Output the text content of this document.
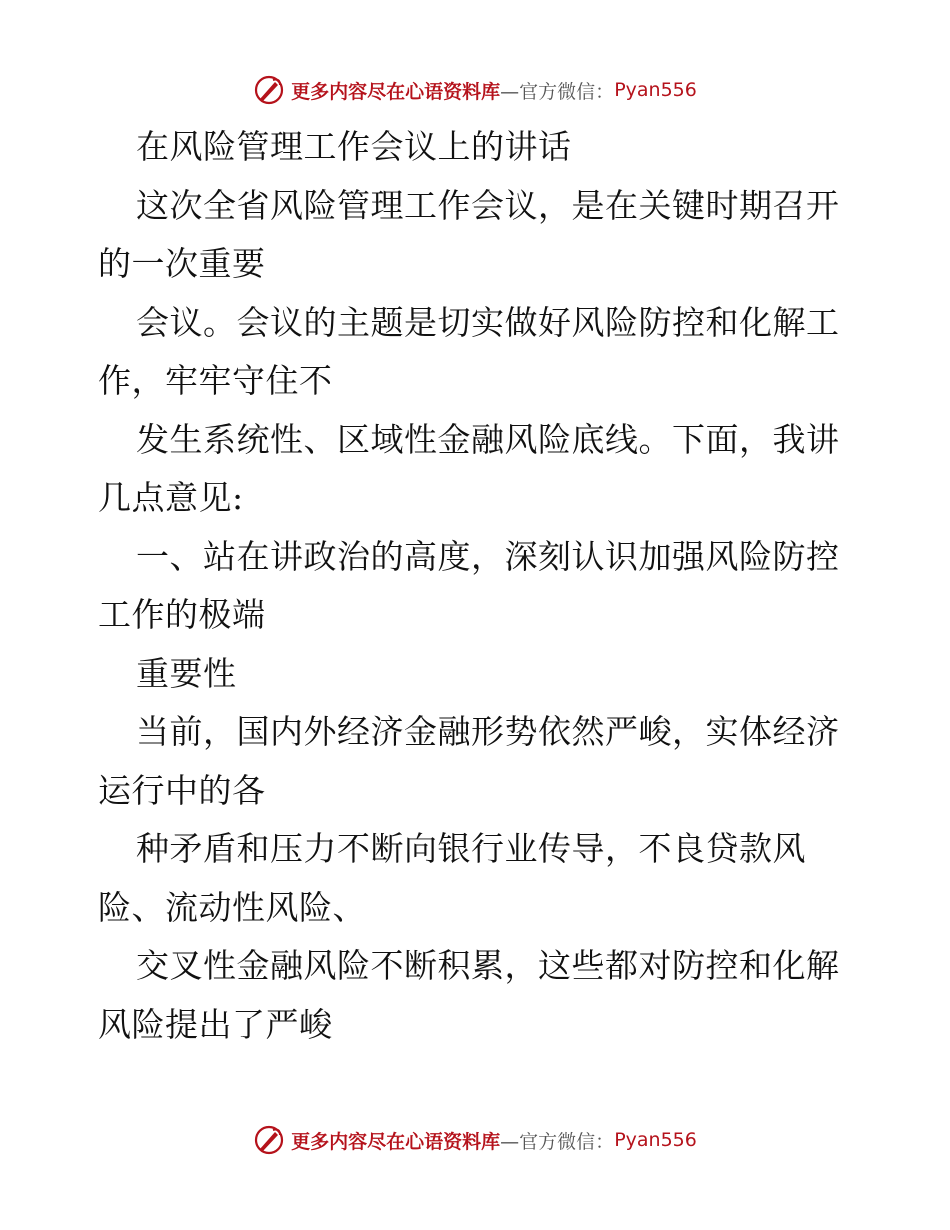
更多内容尽在心语资料库 —官方微信： Pyan556
在风险管理工作会议上的讲话
这次全省风险管理工作会议，是在关键时期召开
的一次重要
会议。会议的主题是切实做好风险防控和化解工
作，牢牢守住不
发生系统性、区域性金融风险底线。下面，我讲
几点意见:
一、站在讲政治的高度，深刻认识加强风险防控
工作的极端
重要性
当前，国内外经济金融形势依然严峻，实体经济
运行中的各
种矛盾和压力不断向银行业传导，不良贷款风
险、流动性风险、
交叉性金融风险不断积累，这些都对防控和化解
风险提出了严峻
更多内容尽在心语资料库 —官方微信： Pyan556
